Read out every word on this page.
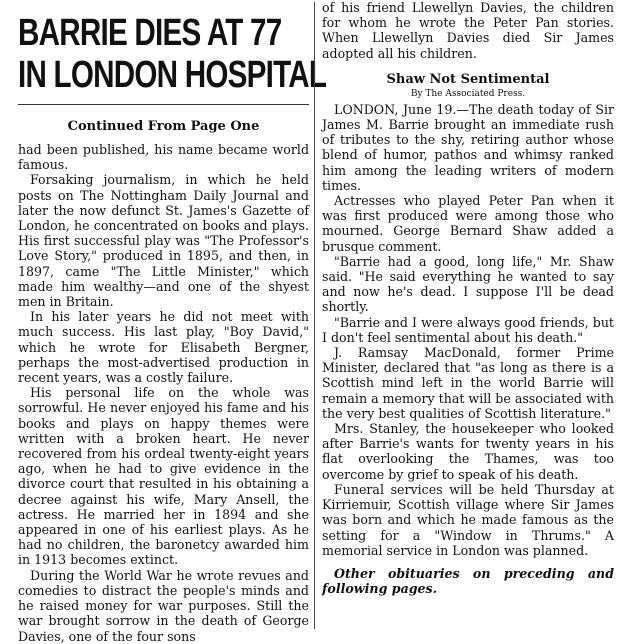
BARRIE DIES AT 77
IN LONDON HOSPITAL
Continued From Page One

had been published, his name became world famous.

Forsaking journalism, in which he held posts on The Nottingham Daily Journal and later the now defunct St. James's Gazette of London, he concentrated on books and plays. His first successful play was "The Professor's Love Story," produced in 1895, and then, in 1897, came "The Little Minister," which made him wealthy—and one of the shyest men in Britain.

In his later years he did not meet with much success. His last play, "Boy David," which he wrote for Elisabeth Bergner, perhaps the most-advertised production in recent years, was a costly failure.

His personal life on the whole was sorrowful. He never enjoyed his fame and his books and plays on happy themes were written with a broken heart. He never recovered from his ordeal twenty-eight years ago, when he had to give evidence in the divorce court that resulted in his obtaining a decree against his wife, Mary Ansell, the actress. He married her in 1894 and she appeared in one of his earliest plays. As he had no children, the baronetcy awarded him in 1913 becomes extinct.

During the World War he wrote revues and comedies to distract the people's minds and he raised money for war purposes. Still the war brought sorrow in the death of George Davies, one of the four sons

of his friend Llewellyn Davies, the children for whom he wrote the Peter Pan stories. When Llewellyn Davies died Sir James adopted all his children.

Shaw Not Sentimental
By The Associated Press.

LONDON, June 19.—The death today of Sir James M. Barrie brought an immediate rush of tributes to the shy, retiring author whose blend of humor, pathos and whimsy ranked him among the leading writers of modern times.

Actresses who played Peter Pan when it was first produced were among those who mourned. George Bernard Shaw added a brusque comment.

"Barrie had a good, long life," Mr. Shaw said. "He said everything he wanted to say and now he's dead. I suppose I'll be dead shortly.

"Barrie and I were always good friends, but I don't feel sentimental about his death."

J. Ramsay MacDonald, former Prime Minister, declared that "as long as there is a Scottish mind left in the world Barrie will remain a memory that will be associated with the very best qualities of Scottish literature."

Mrs. Stanley, the housekeeper who looked after Barrie's wants for twenty years in his flat overlooking the Thames, was too overcome by grief to speak of his death.

Funeral services will be held Thursday at Kirriemuir, Scottish village where Sir James was born and which he made famous as the setting for a "Window in Thrums." A memorial service in London was planned.

Other obituaries on preceding and following pages.
